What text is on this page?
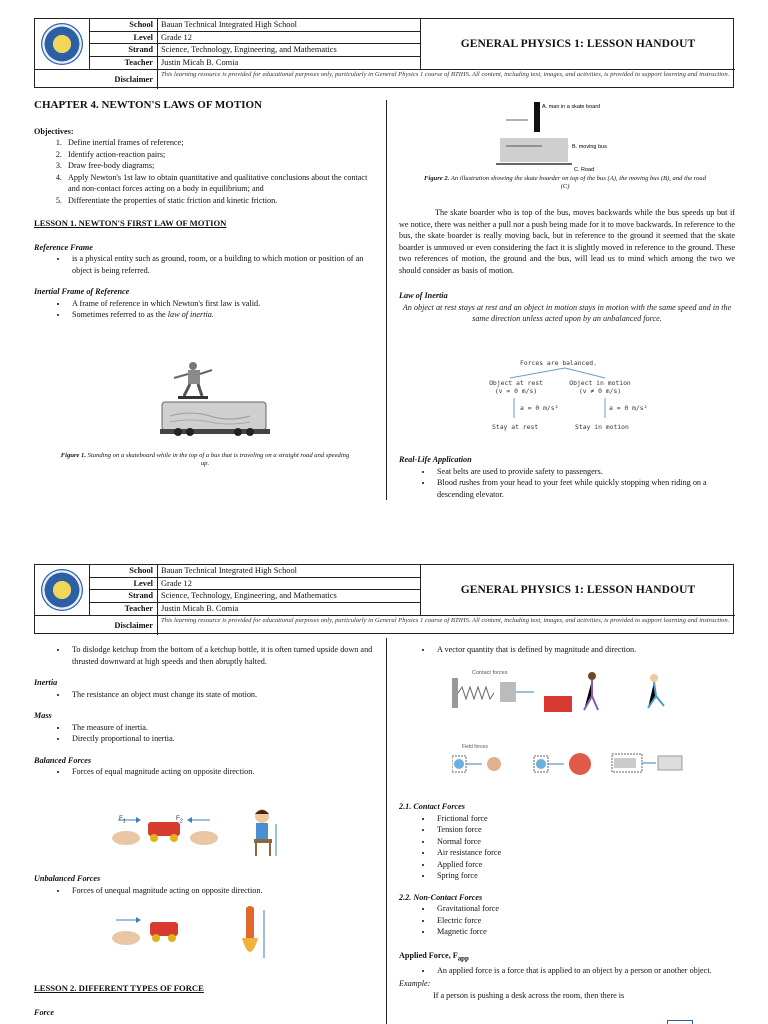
School Bauan Technical Integrated High School
Level Grade 12
Strand Science, Technology, Engineering, and Mathematics
Teacher Justin Micah B. Comia
GENERAL PHYSICS 1: LESSON HANDOUT
Disclaimer
This learning resource is provided for educational purposes only, particularly in General Physics 1 course of BTIHS. All content, including text, images, and activities, is provided to support learning and instruction.
CHAPTER 4. NEWTON'S LAWS OF MOTION
Objectives:
1. Define inertial frames of reference;
2. Identify action-reaction pairs;
3. Draw free-body diagrams;
4. Apply Newton's 1st law to obtain quantitative and qualitative conclusions about the contact and non-contact forces acting on a body in equilibrium; and
5. Differentiate the properties of static friction and kinetic friction.
LESSON 1. NEWTON'S FIRST LAW OF MOTION
Reference Frame
• is a physical entity such as ground, room, or a building to which motion or position of an object is being referred.
Inertial Frame of Reference
• A frame of reference in which Newton's first law is valid.
• Sometimes referred to as the law of inertia.
Figure 1. Standing on a skateboard while in the top of a bus that is traveling on a straight road and speeding up.
A. man in a skate board
B. moving bus
C. Road
Figure 2. An illustration showing the skate boarder on top of the bus (A), the moving bus (B), and the road (C)

The skate boarder who is top of the bus, moves backwards while the bus speeds up but if we notice, there was neither a pull nor a push being made for it to move backwards. In reference to the bus, the skate boarder is really moving back, but in reference to the ground it seemed that the skate boarder is unmoved or even considering the fact it is slightly moved in reference to the ground. These two references of motion, the ground and the bus, will lead us to mind which among the two we should consider as basis of motion.

Law of Inertia
An object at rest stays at rest and an object in motion stays in motion with the same speed and in the same direction unless acted upon by an unbalanced force.
Forces are balanced.
Object at rest
(v = 0 m/s)
a = 0 m/s²
Stay at rest
Object in motion
(v ≠ 0 m/s)
a = 0 m/s²
Stay in motion
Real-Life Application
• Seat belts are used to provide safety to passengers.
• Blood rushes from your head to your feet while quickly stopping when riding on a descending elevator.
School Bauan Technical Integrated High School
Level Grade 12
Strand Science, Technology, Engineering, and Mathematics
Teacher Justin Micah B. Comia
GENERAL PHYSICS 1: LESSON HANDOUT
Disclaimer
This learning resource is provided for educational purposes only, particularly in General Physics 1 course of BTIHS. All content, including text, images, and activities, is provided to support learning and instruction.
• To dislodge ketchup from the bottom of a ketchup bottle, it is often turned upside down and thrusted downward at high speeds and then abruptly halted.
Inertia
• The resistance an object must change its state of motion.
Mass
• The measure of inertia.
• Directly proportional to inertia.
Balanced Forces
• Forces of equal magnitude acting on opposite direction.
$F_1$	$F_2$
Unbalanced Forces
• Forces of unequal magnitude acting on opposite direction.
LESSON 2. DIFFERENT TYPES OF FORCE
Force
• A vector quantity that is defined by magnitude and direction.
Contact forces
Field forces
2.1. Contact Forces
• Frictional force
• Tension force
• Normal force
• Air resistance force
• Applied force
• Spring force
2.2. Non-Contact Forces
• Gravitational force
• Electric force
• Magnetic force
Applied Force, $F_{app}$
• An applied force is a force that is applied to an object by a person or another object.
Example:
If a person is pushing a desk across the room, then there is
